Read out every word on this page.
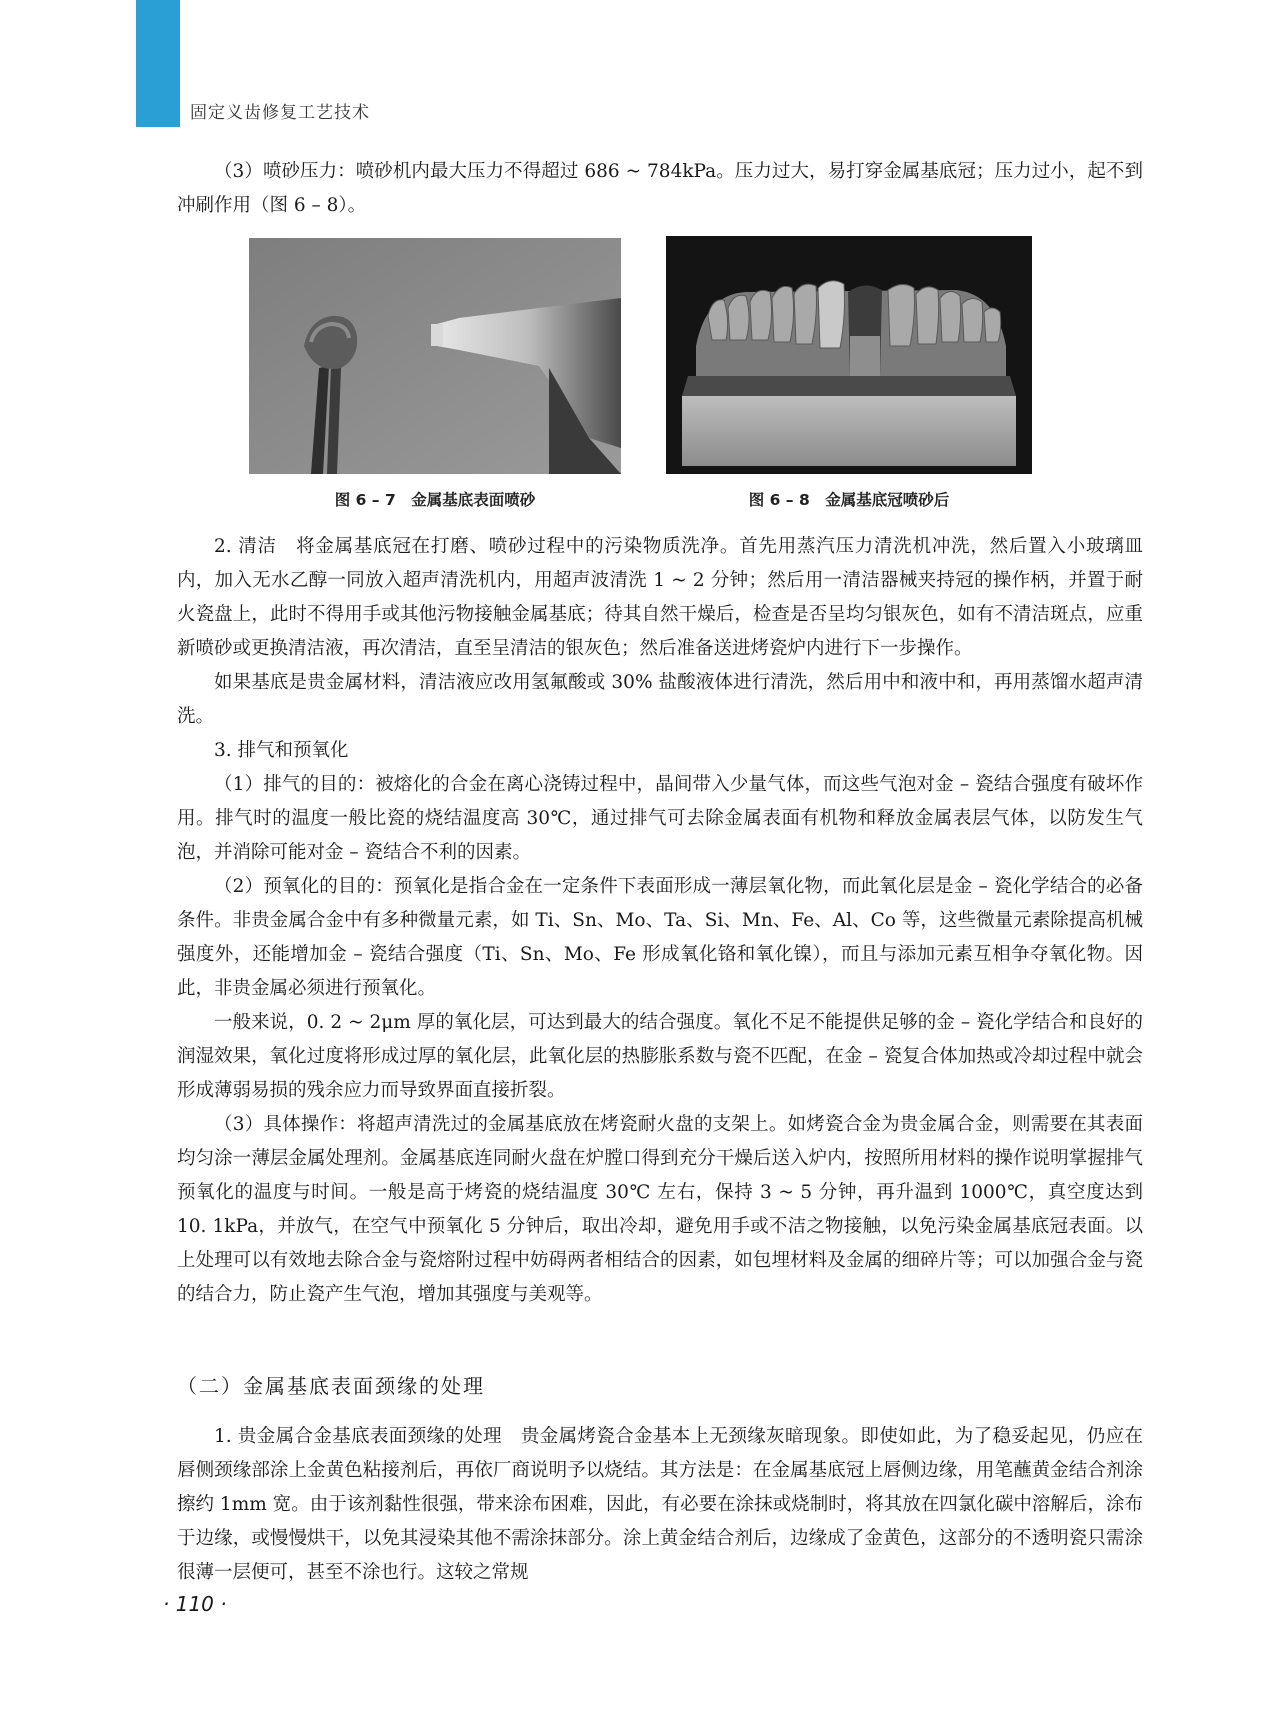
固定义齿修复工艺技术

（3）喷砂压力：喷砂机内最大压力不得超过 686 ~ 784kPa。压力过大，易打穿金属基底冠；压力过小，起不到冲刷作用（图 6 – 8）。

图 6 – 7　金属基底表面喷砂	图 6 – 8　金属基底冠喷砂后

2. 清洁　将金属基底冠在打磨、喷砂过程中的污染物质洗净。首先用蒸汽压力清洗机冲洗，然后置入小玻璃皿内，加入无水乙醇一同放入超声清洗机内，用超声波清洗 1 ~ 2 分钟；然后用一清洁器械夹持冠的操作柄，并置于耐火瓷盘上，此时不得用手或其他污物接触金属基底；待其自然干燥后，检查是否呈均匀银灰色，如有不清洁斑点，应重新喷砂或更换清洁液，再次清洁，直至呈清洁的银灰色；然后准备送进烤瓷炉内进行下一步操作。

如果基底是贵金属材料，清洁液应改用氢氟酸或 30% 盐酸液体进行清洗，然后用中和液中和，再用蒸馏水超声清洗。

3. 排气和预氧化

（1）排气的目的：被熔化的合金在离心浇铸过程中，晶间带入少量气体，而这些气泡对金 – 瓷结合强度有破坏作用。排气时的温度一般比瓷的烧结温度高 30℃，通过排气可去除金属表面有机物和释放金属表层气体，以防发生气泡，并消除可能对金 – 瓷结合不利的因素。

（2）预氧化的目的：预氧化是指合金在一定条件下表面形成一薄层氧化物，而此氧化层是金 – 瓷化学结合的必备条件。非贵金属合金中有多种微量元素，如 Ti、Sn、Mo、Ta、Si、Mn、Fe、Al、Co 等，这些微量元素除提高机械强度外，还能增加金 – 瓷结合强度（Ti、Sn、Mo、Fe 形成氧化铬和氧化镍），而且与添加元素互相争夺氧化物。因此，非贵金属必须进行预氧化。

一般来说，0. 2 ~ 2μm 厚的氧化层，可达到最大的结合强度。氧化不足不能提供足够的金 – 瓷化学结合和良好的润湿效果，氧化过度将形成过厚的氧化层，此氧化层的热膨胀系数与瓷不匹配，在金 – 瓷复合体加热或冷却过程中就会形成薄弱易损的残余应力而导致界面直接折裂。

（3）具体操作：将超声清洗过的金属基底放在烤瓷耐火盘的支架上。如烤瓷合金为贵金属合金，则需要在其表面均匀涂一薄层金属处理剂。金属基底连同耐火盘在炉膛口得到充分干燥后送入炉内，按照所用材料的操作说明掌握排气预氧化的温度与时间。一般是高于烤瓷的烧结温度 30℃ 左右，保持 3 ~ 5 分钟，再升温到 1000℃，真空度达到 10. 1kPa，并放气，在空气中预氧化 5 分钟后，取出冷却，避免用手或不洁之物接触，以免污染金属基底冠表面。以上处理可以有效地去除合金与瓷熔附过程中妨碍两者相结合的因素，如包埋材料及金属的细碎片等；可以加强合金与瓷的结合力，防止瓷产生气泡，增加其强度与美观等。

（二）金属基底表面颈缘的处理

1. 贵金属合金基底表面颈缘的处理　贵金属烤瓷合金基本上无颈缘灰暗现象。即使如此，为了稳妥起见，仍应在唇侧颈缘部涂上金黄色粘接剂后，再依厂商说明予以烧结。其方法是：在金属基底冠上唇侧边缘，用笔蘸黄金结合剂涂擦约 1mm 宽。由于该剂黏性很强，带来涂布困难，因此，有必要在涂抹或烧制时，将其放在四氯化碳中溶解后，涂布于边缘，或慢慢烘干，以免其浸染其他不需涂抹部分。涂上黄金结合剂后，边缘成了金黄色，这部分的不透明瓷只需涂很薄一层便可，甚至不涂也行。这较之常规

· 110 ·
